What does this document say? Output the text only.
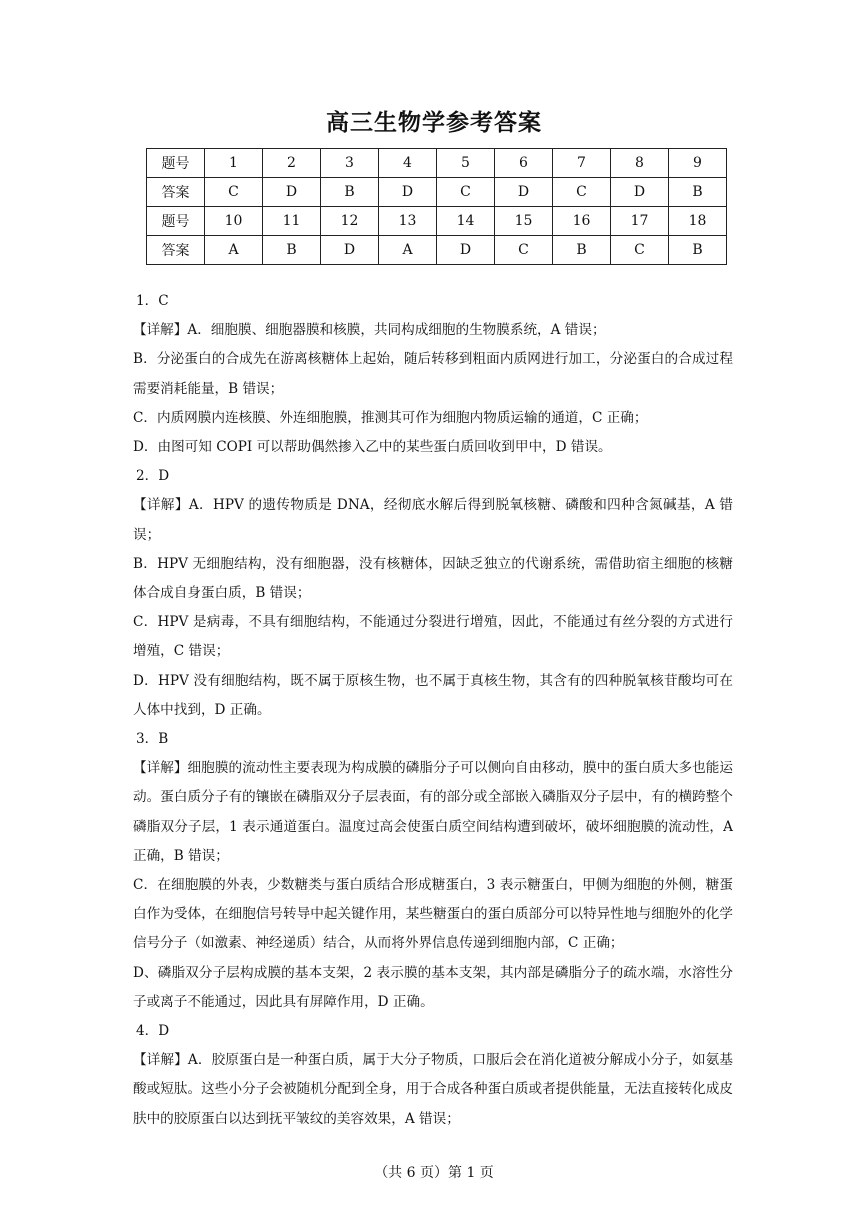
高三生物学参考答案
题号	1	2	3	4	5	6	7	8	9
答案	C	D	B	D	C	D	C	D	B
题号	10	11	12	13	14	15	16	17	18
答案	A	B	D	A	D	C	B	C	B

1．C

【详解】A．细胞膜、细胞器膜和核膜，共同构成细胞的生物膜系统，A 错误；

B．分泌蛋白的合成先在游离核糖体上起始，随后转移到粗面内质网进行加工，分泌蛋白的合成过程需要消耗能量，B 错误；

C．内质网膜内连核膜、外连细胞膜，推测其可作为细胞内物质运输的通道，C 正确；

D．由图可知 COPI 可以帮助偶然掺入乙中的某些蛋白质回收到甲中，D 错误。

2．D

【详解】A．HPV 的遗传物质是 DNA，经彻底水解后得到脱氧核糖、磷酸和四种含氮碱基，A 错误；

B．HPV 无细胞结构，没有细胞器，没有核糖体，因缺乏独立的代谢系统，需借助宿主细胞的核糖体合成自身蛋白质，B 错误；

C．HPV 是病毒，不具有细胞结构，不能通过分裂进行增殖，因此，不能通过有丝分裂的方式进行增殖，C 错误；

D．HPV 没有细胞结构，既不属于原核生物，也不属于真核生物，其含有的四种脱氧核苷酸均可在人体中找到，D 正确。

3．B

【详解】细胞膜的流动性主要表现为构成膜的磷脂分子可以侧向自由移动，膜中的蛋白质大多也能运动。蛋白质分子有的镶嵌在磷脂双分子层表面，有的部分或全部嵌入磷脂双分子层中，有的横跨整个磷脂双分子层，1 表示通道蛋白。温度过高会使蛋白质空间结构遭到破坏，破坏细胞膜的流动性，A 正确，B 错误；

C．在细胞膜的外表，少数糖类与蛋白质结合形成糖蛋白，3 表示糖蛋白，甲侧为细胞的外侧，糖蛋白作为受体，在细胞信号转导中起关键作用，某些糖蛋白的蛋白质部分可以特异性地与细胞外的化学信号分子（如激素、神经递质）结合，从而将外界信息传递到细胞内部，C 正确；

D、磷脂双分子层构成膜的基本支架，2 表示膜的基本支架，其内部是磷脂分子的疏水端，水溶性分子或离子不能通过，因此具有屏障作用，D 正确。

4．D

【详解】A．胶原蛋白是一种蛋白质，属于大分子物质，口服后会在消化道被分解成小分子，如氨基酸或短肽。这些小分子会被随机分配到全身，用于合成各种蛋白质或者提供能量，无法直接转化成皮肤中的胶原蛋白以达到抚平皱纹的美容效果，A 错误；

（共 6 页）第 1 页
